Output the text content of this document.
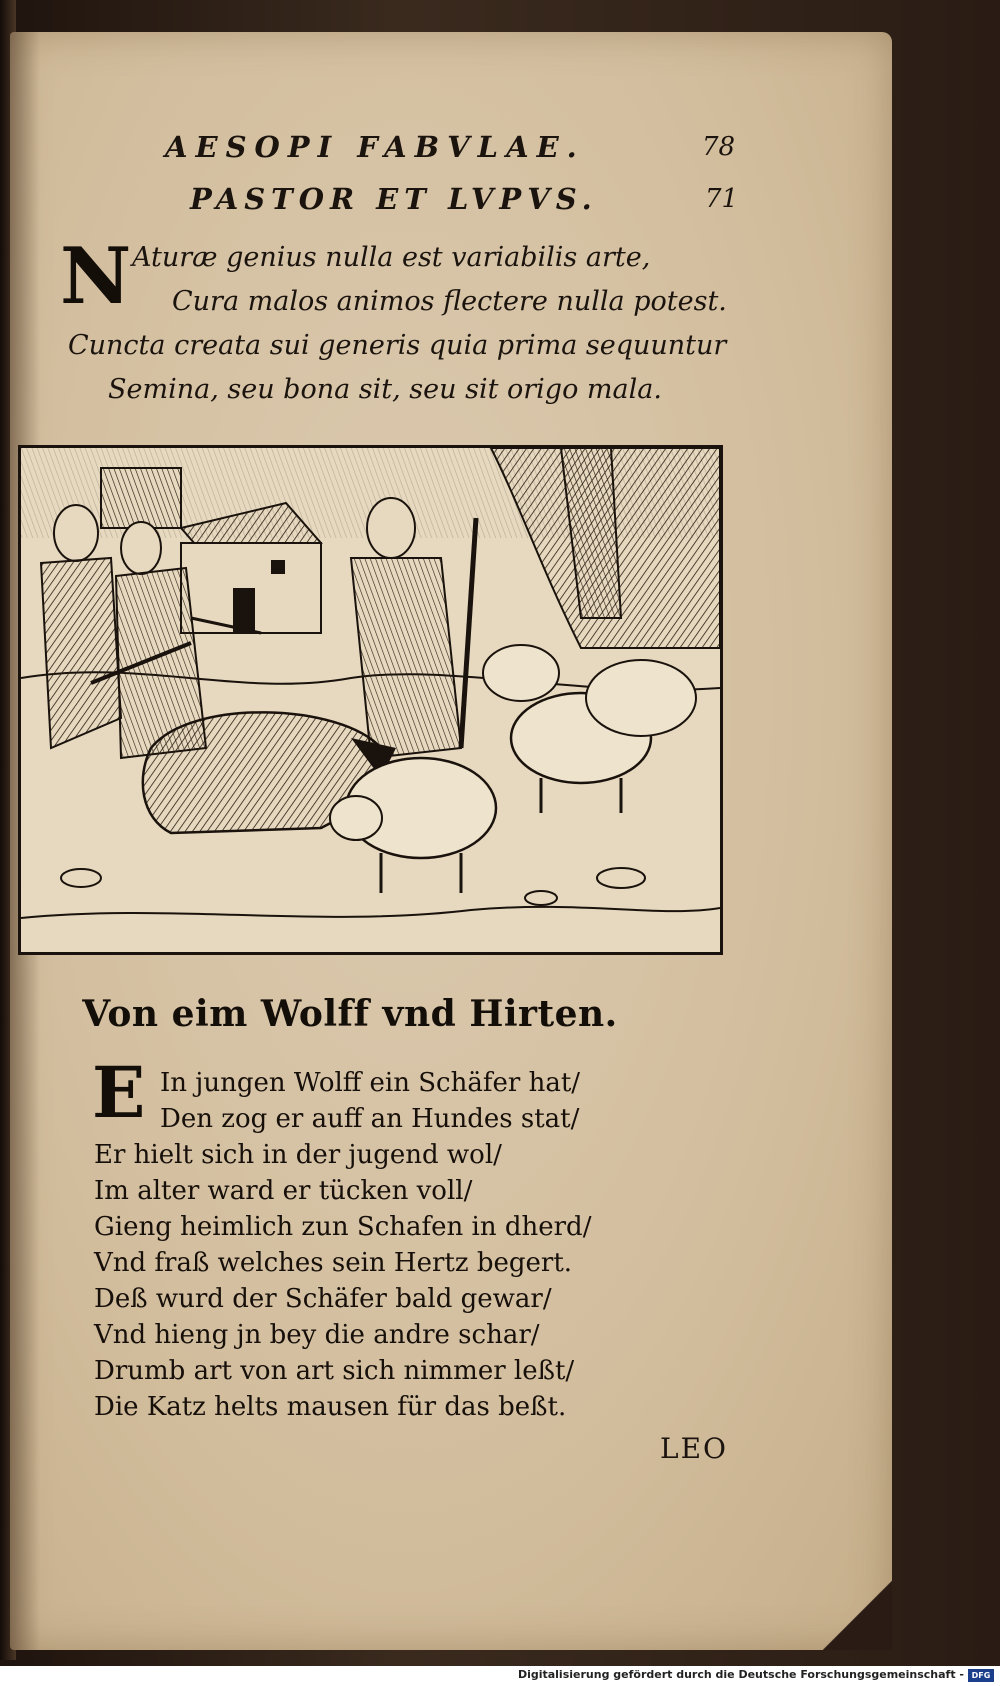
AESOPI FABVLAE.	78
PASTOR ET LVPVS.	71
N Aturæ genius nulla est variabilis arte,
Cura malos animos flectere nulla potest.
Cuncta creata sui generis quia prima sequuntur
Semina, seu bona sit, seu sit origo mala.
Von eim Wolff vnd Hirten.
E In jungen Wolff ein Schäfer hat/
Den zog er auff an Hundes stat/
Er hielt sich in der jugend wol/
Im alter ward er tücken voll/
Gieng heimlich zun Schafen in dherd/
Vnd fraß welches sein Hertz begert.
Deß wurd der Schäfer bald gewar/
Vnd hieng jn bey die andre schar/
Drumb art von art sich nimmer leßt/
Die Katz helts mausen für das beßt.
LEO
Digitalisierung gefördert durch die Deutsche Forschungsgemeinschaft - DFG
